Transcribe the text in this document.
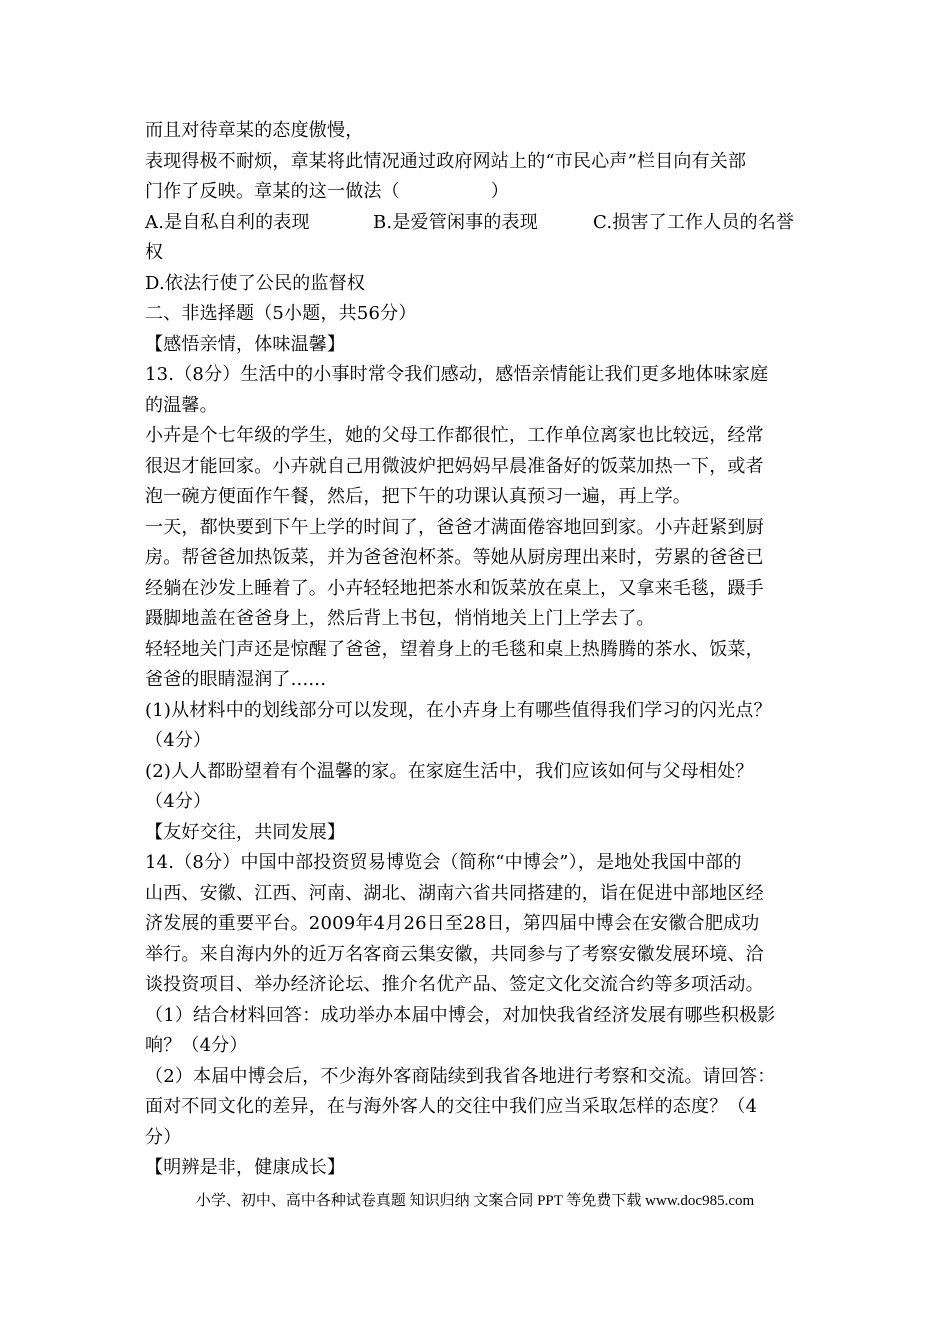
而且对待章某的态度傲慢，
表现得极不耐烦，章某将此情况通过政府网站上的“市民心声”栏目向有关部
门作了反映。章某的这一做法（　　　　　）
A.是自私自利的表现	B.是爱管闲事的表现	C.损害了工作人员的名誉
权
D.依法行使了公民的监督权
二、非选择题（5小题，共56分）
【感悟亲情，体味温馨】
13.（8分）生活中的小事时常令我们感动，感悟亲情能让我们更多地体味家庭
的温馨。
小卉是个七年级的学生，她的父母工作都很忙，工作单位离家也比较远，经常
很迟才能回家。小卉就自己用微波炉把妈妈早晨准备好的饭菜加热一下，或者
泡一碗方便面作午餐，然后，把下午的功课认真预习一遍，再上学。
一天，都快要到下午上学的时间了，爸爸才满面倦容地回到家。小卉赶紧到厨
房。帮爸爸加热饭菜，并为爸爸泡杯茶。等她从厨房理出来时，劳累的爸爸已
经躺在沙发上睡着了。小卉轻轻地把茶水和饭菜放在桌上，又拿来毛毯，蹑手
蹑脚地盖在爸爸身上，然后背上书包，悄悄地关上门上学去了。
轻轻地关门声还是惊醒了爸爸，望着身上的毛毯和桌上热腾腾的茶水、饭菜，
爸爸的眼睛湿润了......
(1)从材料中的划线部分可以发现，在小卉身上有哪些值得我们学习的闪光点？
（4分）
(2)人人都盼望着有个温馨的家。在家庭生活中，我们应该如何与父母相处？
（4分）
【友好交往，共同发展】
14.（8分）中国中部投资贸易博览会（简称“中博会”），是地处我国中部的
山西、安徽、江西、河南、湖北、湖南六省共同搭建的，诣在促进中部地区经
济发展的重要平台。2009年4月26日至28日，第四届中博会在安徽合肥成功
举行。来自海内外的近万名客商云集安徽，共同参与了考察安徽发展环境、洽
谈投资项目、举办经济论坛、推介名优产品、签定文化交流合约等多项活动。
（1）结合材料回答：成功举办本届中博会，对加快我省经济发展有哪些积极影
响？（4分）
（2）本届中博会后，不少海外客商陆续到我省各地进行考察和交流。请回答：
面对不同文化的差异，在与海外客人的交往中我们应当采取怎样的态度？（4
分）
【明辨是非，健康成长】
小学、初中、高中各种试卷真题 知识归纳 文案合同 PPT 等免费下载 www.doc985.com
